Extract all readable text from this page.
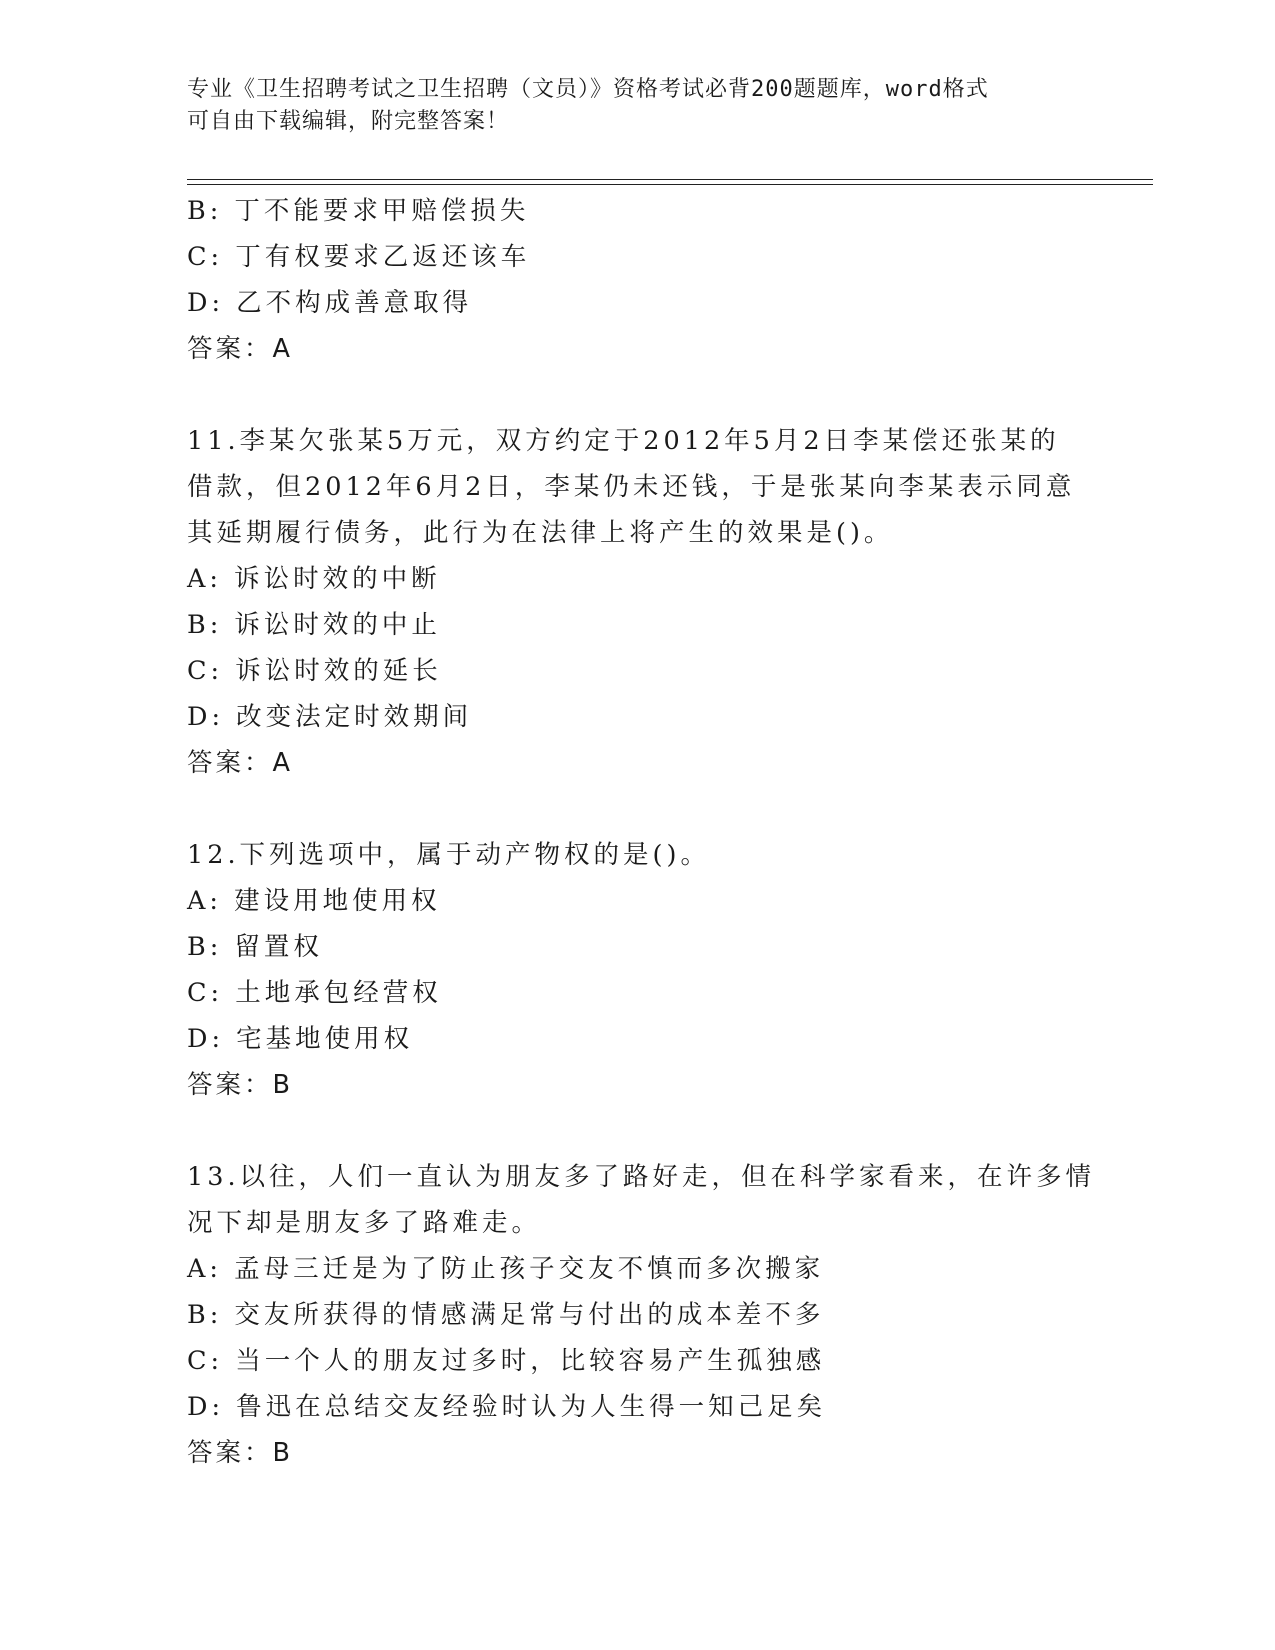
专业《卫生招聘考试之卫生招聘（文员）》资格考试必背200题题库，word格式
可自由下载编辑，附完整答案！
B: 丁不能要求甲赔偿损失
C: 丁有权要求乙返还该车
D: 乙不构成善意取得
答案：A
11.李某欠张某5万元，双方约定于2012年5月2日李某偿还张某的
借款，但2012年6月2日，李某仍未还钱，于是张某向李某表示同意
其延期履行债务，此行为在法律上将产生的效果是()。
A: 诉讼时效的中断
B: 诉讼时效的中止
C: 诉讼时效的延长
D: 改变法定时效期间
答案：A
12.下列选项中，属于动产物权的是()。
A: 建设用地使用权
B: 留置权
C: 土地承包经营权
D: 宅基地使用权
答案：B
13.以往，人们一直认为朋友多了路好走，但在科学家看来，在许多情
况下却是朋友多了路难走。
A: 孟母三迁是为了防止孩子交友不慎而多次搬家
B: 交友所获得的情感满足常与付出的成本差不多
C: 当一个人的朋友过多时，比较容易产生孤独感
D: 鲁迅在总结交友经验时认为人生得一知己足矣
答案：B
